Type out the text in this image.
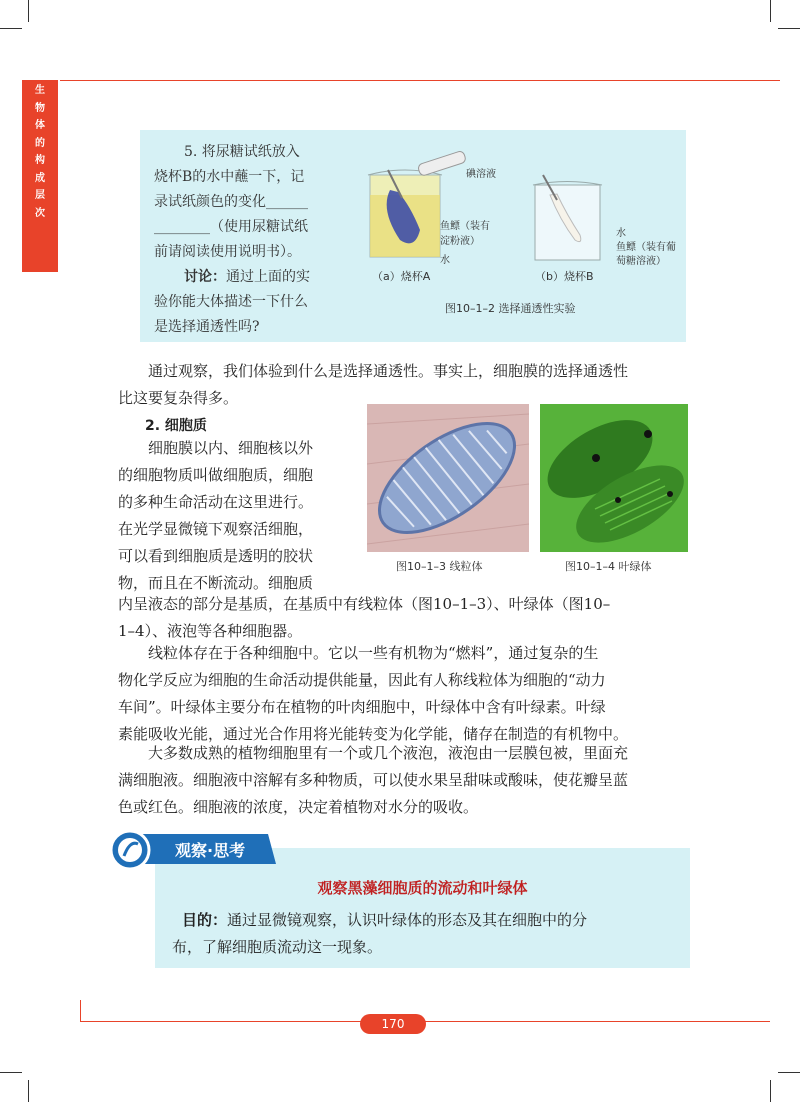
生
物
体
的
构
成
层
次

5. 将尿糖试纸放入

烧杯B的水中蘸一下，记

录试纸颜色的变化______

________（使用尿糖试纸

前请阅读使用说明书）。

讨论：通过上面的实

验你能大体描述一下什么

是选择通透性吗?

碘溶液
鱼鳔（装有
淀粉液）
水
（a）烧杯A
水
鱼鳔（装有葡
萄糖溶液）
（b）烧杯B
图10–1–2 选择通透性实验

通过观察，我们体验到什么是选择通透性。事实上，细胞膜的选择通透性

比这要复杂得多。

2. 细胞质

细胞膜以内、细胞核以外

的细胞物质叫做细胞质，细胞

的多种生命活动在这里进行。

在光学显微镜下观察活细胞，

可以看到细胞质是透明的胶状

物，而且在不断流动。细胞质

图10–1–3 线粒体	图10–1–4 叶绿体

内呈液态的部分是基质，在基质中有线粒体（图10–1–3）、叶绿体（图10–

1–4）、液泡等各种细胞器。

线粒体存在于各种细胞中。它以一些有机物为“燃料”，通过复杂的生

物化学反应为细胞的生命活动提供能量，因此有人称线粒体为细胞的“动力

车间”。叶绿体主要分布在植物的叶肉细胞中，叶绿体中含有叶绿素。叶绿

素能吸收光能，通过光合作用将光能转变为化学能，储存在制造的有机物中。

大多数成熟的植物细胞里有一个或几个液泡，液泡由一层膜包被，里面充

满细胞液。细胞液中溶解有多种物质，可以使水果呈甜味或酸味，使花瓣呈蓝

色或红色。细胞液的浓度，决定着植物对水分的吸收。

观察·思考
观察黑藻细胞质的流动和叶绿体

目的：通过显微镜观察，认识叶绿体的形态及其在细胞中的分

布，了解细胞质流动这一现象。

170
